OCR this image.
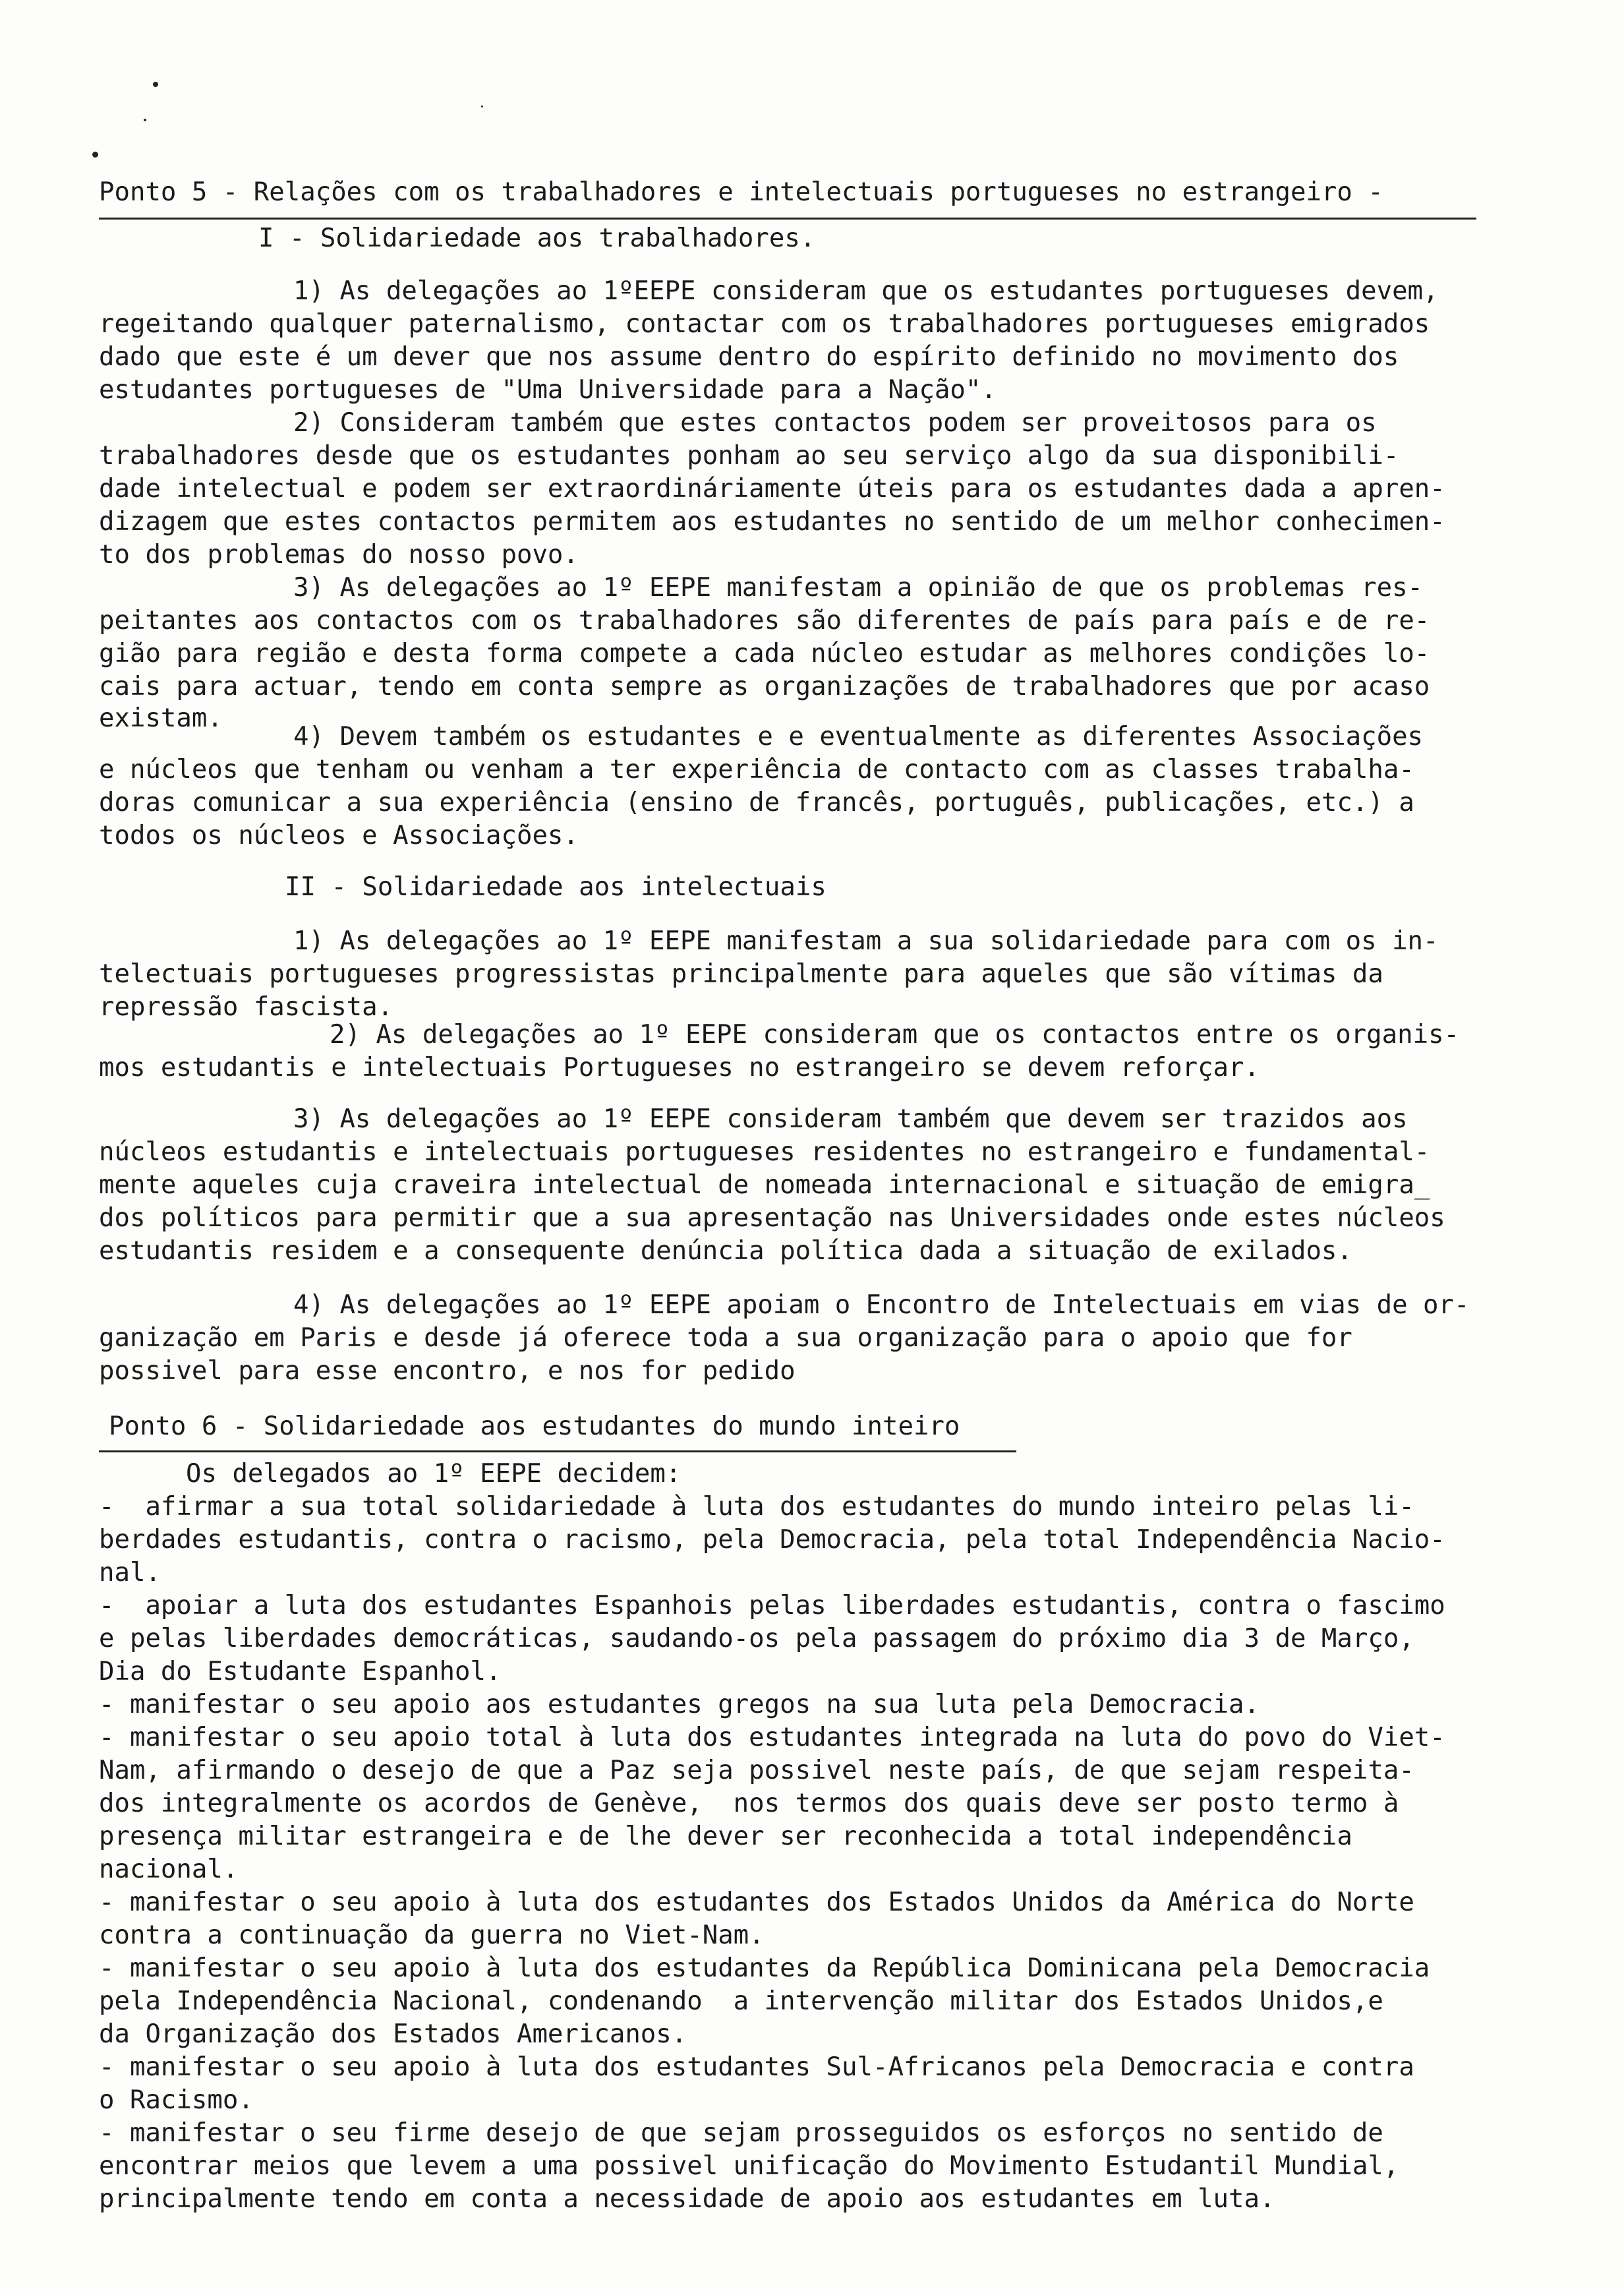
Ponto 5 - Relações com os trabalhadores e intelectuais portugueses no estrangeiro -
I - Solidariedade aos trabalhadores.
1) As delegações ao 1ºEEPE consideram que os estudantes portugueses devem,
regeitando qualquer paternalismo, contactar com os trabalhadores portugueses emigrados
dado que este é um dever que nos assume dentro do espírito definido no movimento dos
estudantes portugueses de "Uma Universidade para a Nação".
2) Consideram também que estes contactos podem ser proveitosos para os
trabalhadores desde que os estudantes ponham ao seu serviço algo da sua disponibili-
dade intelectual e podem ser extraordináriamente úteis para os estudantes dada a apren-
dizagem que estes contactos permitem aos estudantes no sentido de um melhor conhecimen-
to dos problemas do nosso povo.
3) As delegações ao 1º EEPE manifestam a opinião de que os problemas res-
peitantes aos contactos com os trabalhadores são diferentes de país para país e de re-
gião para região e desta forma compete a cada núcleo estudar as melhores condições lo-
cais para actuar, tendo em conta sempre as organizações de trabalhadores que por acaso
existam.
4) Devem também os estudantes e e eventualmente as diferentes Associações
e núcleos que tenham ou venham a ter experiência de contacto com as classes trabalha-
doras comunicar a sua experiência (ensino de francês, português, publicações, etc.) a
todos os núcleos e Associações.
II - Solidariedade aos intelectuais
1) As delegações ao 1º EEPE manifestam a sua solidariedade para com os in-
telectuais portugueses progressistas principalmente para aqueles que são vítimas da
repressão fascista.
2) As delegações ao 1º EEPE consideram que os contactos entre os organis-
mos estudantis e intelectuais Portugueses no estrangeiro se devem reforçar.
3) As delegações ao 1º EEPE consideram também que devem ser trazidos aos
núcleos estudantis e intelectuais portugueses residentes no estrangeiro e fundamental-
mente aqueles cuja craveira intelectual de nomeada internacional e situação de emigra_
dos políticos para permitir que a sua apresentação nas Universidades onde estes núcleos
estudantis residem e a consequente denúncia política dada a situação de exilados.
4) As delegações ao 1º EEPE apoiam o Encontro de Intelectuais em vias de or-
ganização em Paris e desde já oferece toda a sua organização para o apoio que for
possivel para esse encontro, e nos for pedido
Ponto 6 - Solidariedade aos estudantes do mundo inteiro
Os delegados ao 1º EEPE decidem:
-  afirmar a sua total solidariedade à luta dos estudantes do mundo inteiro pelas li-
berdades estudantis, contra o racismo, pela Democracia, pela total Independência Nacio-
nal.
-  apoiar a luta dos estudantes Espanhois pelas liberdades estudantis, contra o fascimo
e pelas liberdades democráticas, saudando-os pela passagem do próximo dia 3 de Março,
Dia do Estudante Espanhol.
- manifestar o seu apoio aos estudantes gregos na sua luta pela Democracia.
- manifestar o seu apoio total à luta dos estudantes integrada na luta do povo do Viet-
Nam, afirmando o desejo de que a Paz seja possivel neste país, de que sejam respeita-
dos integralmente os acordos de Genève,  nos termos dos quais deve ser posto termo à
presença militar estrangeira e de lhe dever ser reconhecida a total independência
nacional.
- manifestar o seu apoio à luta dos estudantes dos Estados Unidos da América do Norte
contra a continuação da guerra no Viet-Nam.
- manifestar o seu apoio à luta dos estudantes da República Dominicana pela Democracia
pela Independência Nacional, condenando  a intervenção militar dos Estados Unidos,e
da Organização dos Estados Americanos.
- manifestar o seu apoio à luta dos estudantes Sul-Africanos pela Democracia e contra
o Racismo.
- manifestar o seu firme desejo de que sejam prosseguidos os esforços no sentido de
encontrar meios que levem a uma possivel unificação do Movimento Estudantil Mundial,
principalmente tendo em conta a necessidade de apoio aos estudantes em luta.
